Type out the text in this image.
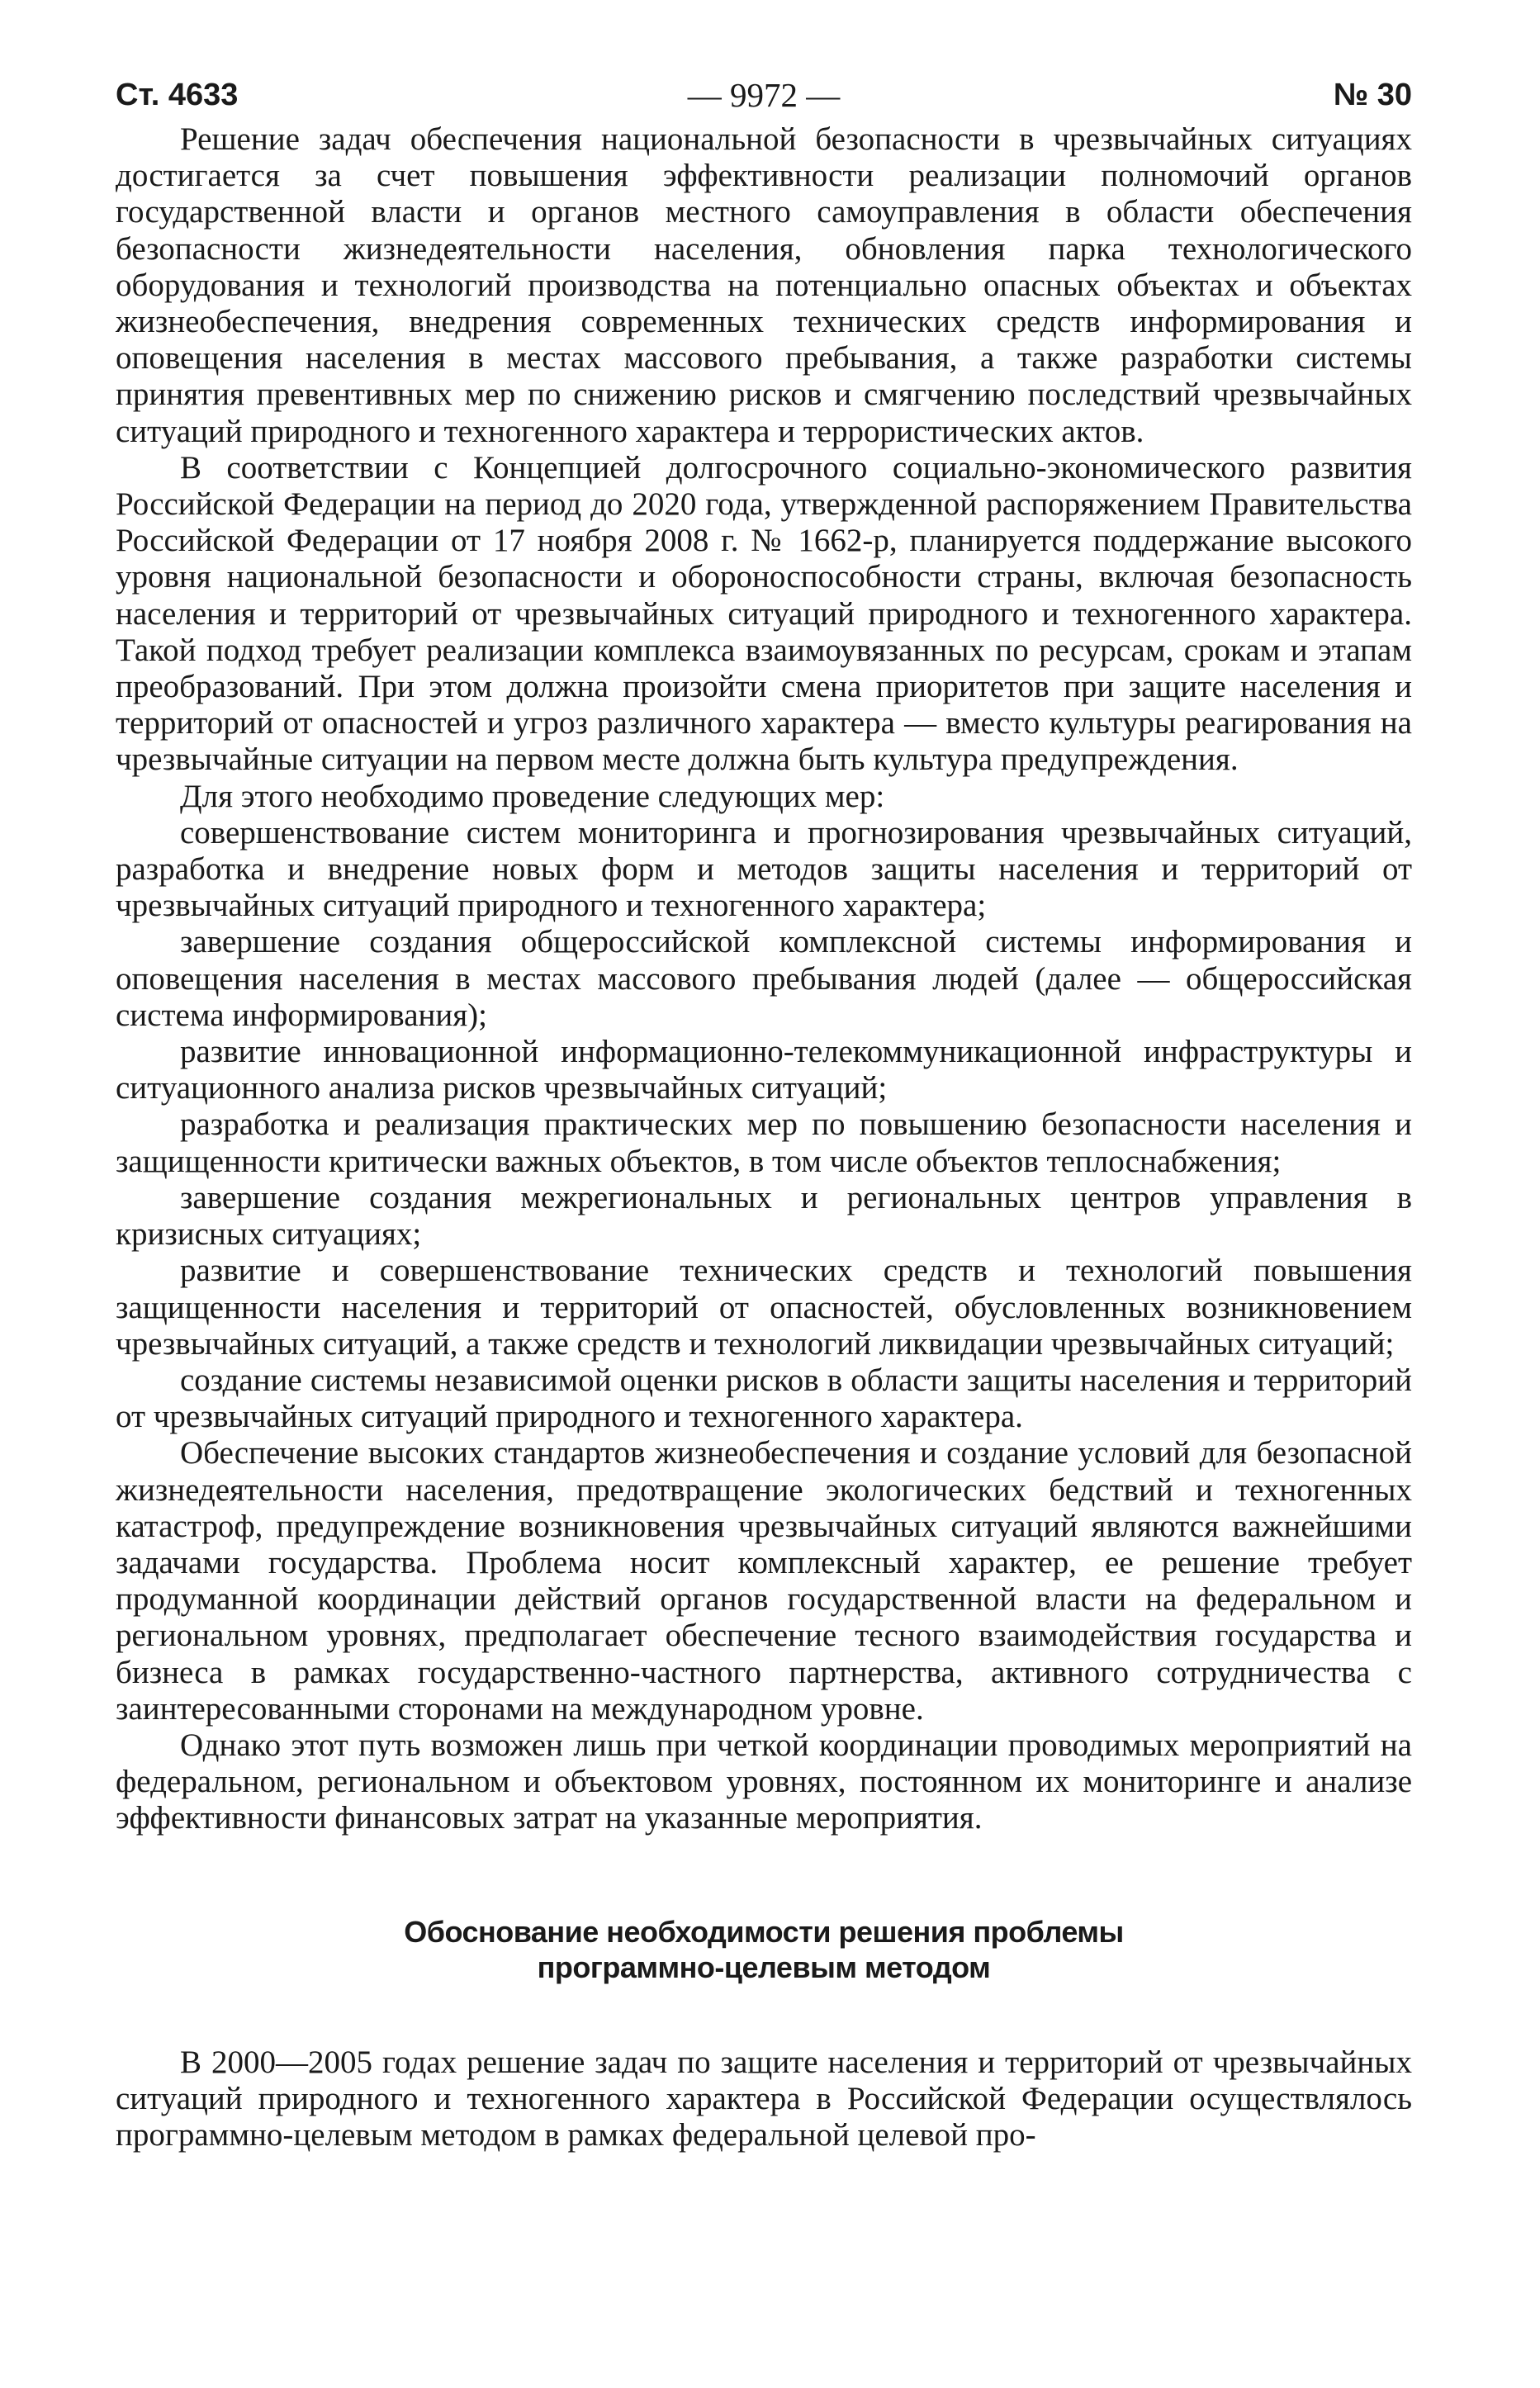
Ст. 4633	— 9972 —	№ 30

Решение задач обеспечения национальной безопасности в чрезвычайных ситуациях достигается за счет повышения эффективности реализации полномочий органов государственной власти и органов местного самоуправления в области обеспечения безопасности жизнедеятельности населения, обновления парка технологического оборудования и технологий производства на потенциально опасных объектах и объектах жизнеобеспечения, внедрения современных технических средств информирования и оповещения населения в местах массового пребывания, а также разработки системы принятия превентивных мер по снижению рисков и смягчению последствий чрезвычайных ситуаций природного и техногенного характера и террористических актов.

В соответствии с Концепцией долгосрочного социально-экономического развития Российской Федерации на период до 2020 года, утвержденной распоряжением Правительства Российской Федерации от 17 ноября 2008 г. № 1662-р, планируется поддержание высокого уровня национальной безопасности и обороноспособности страны, включая безопасность населения и территорий от чрезвычайных ситуаций природного и техногенного характера. Такой подход требует реализации комплекса взаимоувязанных по ресурсам, срокам и этапам преобразований. При этом должна произойти смена приоритетов при защите населения и территорий от опасностей и угроз различного характера — вместо культуры реагирования на чрезвычайные ситуации на первом месте должна быть культура предупреждения.

Для этого необходимо проведение следующих мер:

совершенствование систем мониторинга и прогнозирования чрезвычайных ситуаций, разработка и внедрение новых форм и методов защиты населения и территорий от чрезвычайных ситуаций природного и техногенного характера;

завершение создания общероссийской комплексной системы информирования и оповещения населения в местах массового пребывания людей (далее — общероссийская система информирования);

развитие инновационной информационно-телекоммуникационной инфраструктуры и ситуационного анализа рисков чрезвычайных ситуаций;

разработка и реализация практических мер по повышению безопасности населения и защищенности критически важных объектов, в том числе объектов теплоснабжения;

завершение создания межрегиональных и региональных центров управления в кризисных ситуациях;

развитие и совершенствование технических средств и технологий повышения защищенности населения и территорий от опасностей, обусловленных возникновением чрезвычайных ситуаций, а также средств и технологий ликвидации чрезвычайных ситуаций;

создание системы независимой оценки рисков в области защиты населения и территорий от чрезвычайных ситуаций природного и техногенного характера.

Обеспечение высоких стандартов жизнеобеспечения и создание условий для безопасной жизнедеятельности населения, предотвращение экологических бедствий и техногенных катастроф, предупреждение возникновения чрезвычайных ситуаций являются важнейшими задачами государства. Проблема носит комплексный характер, ее решение требует продуманной координации действий органов государственной власти на федеральном и региональном уровнях, предполагает обеспечение тесного взаимодействия государства и бизнеса в рамках государственно-частного партнерства, активного сотрудничества с заинтересованными сторонами на международном уровне.

Однако этот путь возможен лишь при четкой координации проводимых мероприятий на федеральном, региональном и объектовом уровнях, постоянном их мониторинге и анализе эффективности финансовых затрат на указанные мероприятия.

Обоснование необходимости решения проблемы
программно-целевым методом

В 2000—2005 годах решение задач по защите населения и территорий от чрезвычайных ситуаций природного и техногенного характера в Российской Федерации осуществлялось программно-целевым методом в рамках федеральной целевой про-
